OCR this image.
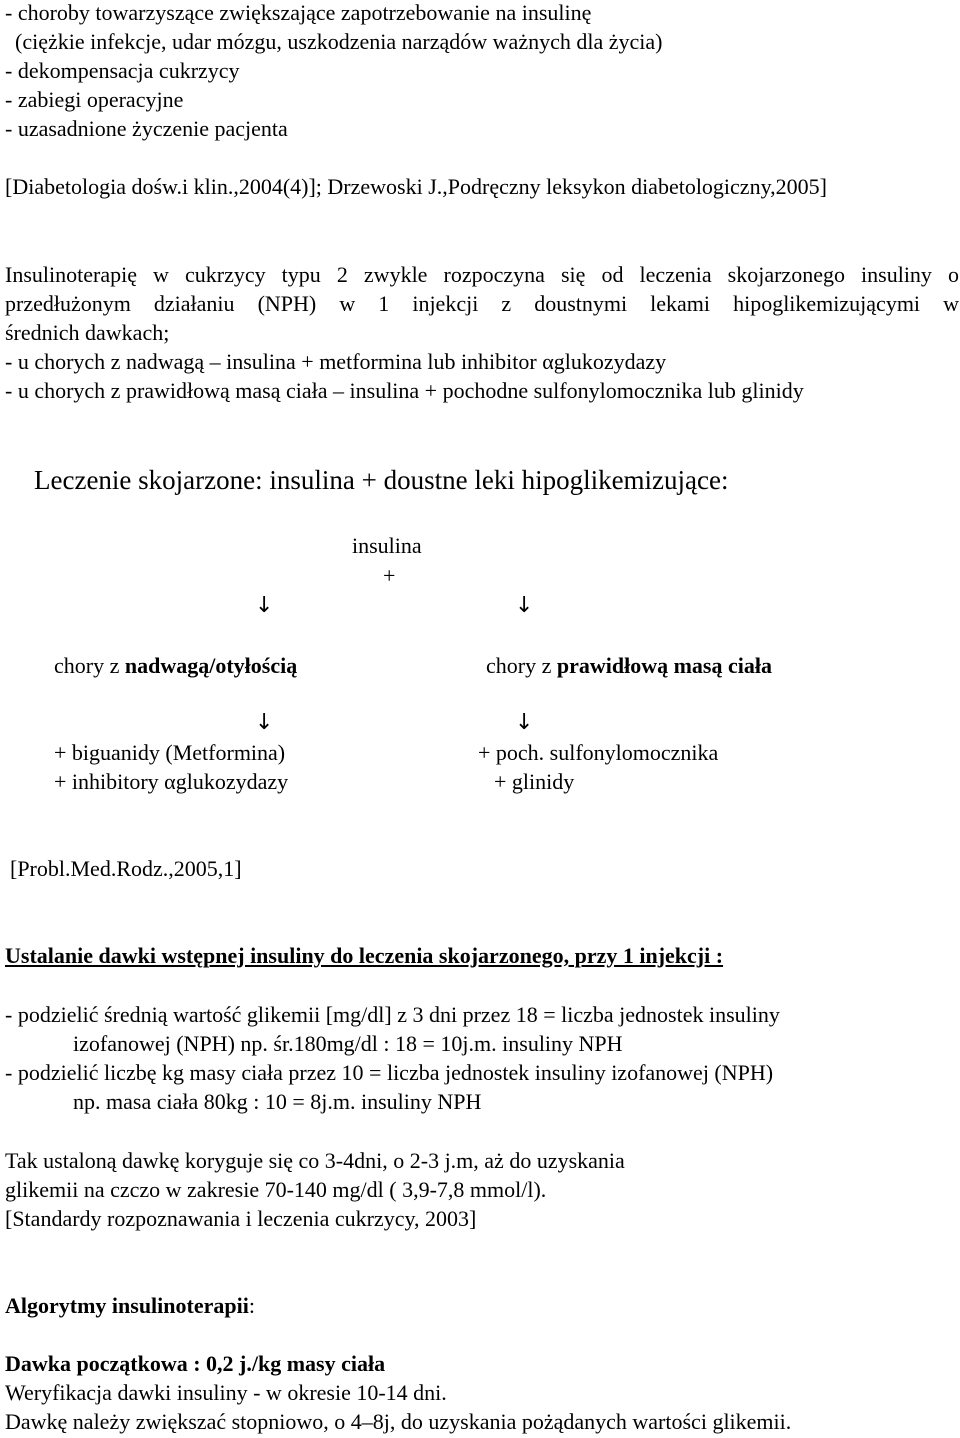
- choroby towarzyszące zwiększające zapotrzebowanie na insulinę
(ciężkie infekcje, udar mózgu, uszkodzenia narządów ważnych dla życia)
- dekompensacja cukrzycy
- zabiegi operacyjne
- uzasadnione życzenie pacjenta
[Diabetologia dośw.i klin.,2004(4)]; Drzewoski J.,Podręczny leksykon diabetologiczny,2005]
Insulinoterapię w cukrzycy typu 2 zwykle rozpoczyna się od leczenia skojarzonego insuliny o
przedłużonym działaniu (NPH) w 1 injekcji z doustnymi lekami hipoglikemizującymi w
średnich dawkach;
- u chorych z nadwagą – insulina + metformina lub inhibitor αglukozydazy
- u chorych z prawidłową masą ciała – insulina + pochodne sulfonylomocznika lub glinidy
Leczenie skojarzone: insulina + doustne leki hipoglikemizujące:
insulina
+
↓	↓
chory z nadwagą/otyłością	chory z prawidłową masą ciała
↓	↓
+ biguanidy (Metformina)
+ inhibitory αglukozydazy
+ poch. sulfonylomocznika
+ glinidy
[Probl.Med.Rodz.,2005,1]
Ustalanie dawki wstępnej insuliny do leczenia skojarzonego, przy 1 injekcji :
- podzielić średnią wartość glikemii [mg/dl] z 3 dni przez 18 = liczba jednostek insuliny
izofanowej (NPH) np. śr.180mg/dl : 18 = 10j.m. insuliny NPH
- podzielić liczbę kg masy ciała przez 10 = liczba jednostek insuliny izofanowej (NPH)
np. masa ciała 80kg : 10 = 8j.m. insuliny NPH
Tak ustaloną dawkę koryguje się co 3-4dni, o 2-3 j.m, aż do uzyskania
glikemii na czczo w zakresie 70-140 mg/dl ( 3,9-7,8 mmol/l).
[Standardy rozpoznawania i leczenia cukrzycy, 2003]
Algorytmy insulinoterapii:
Dawka początkowa : 0,2 j./kg masy ciała
Weryfikacja dawki insuliny - w okresie 10-14 dni.
Dawkę należy zwiększać stopniowo, o 4–8j, do uzyskania pożądanych wartości glikemii.
